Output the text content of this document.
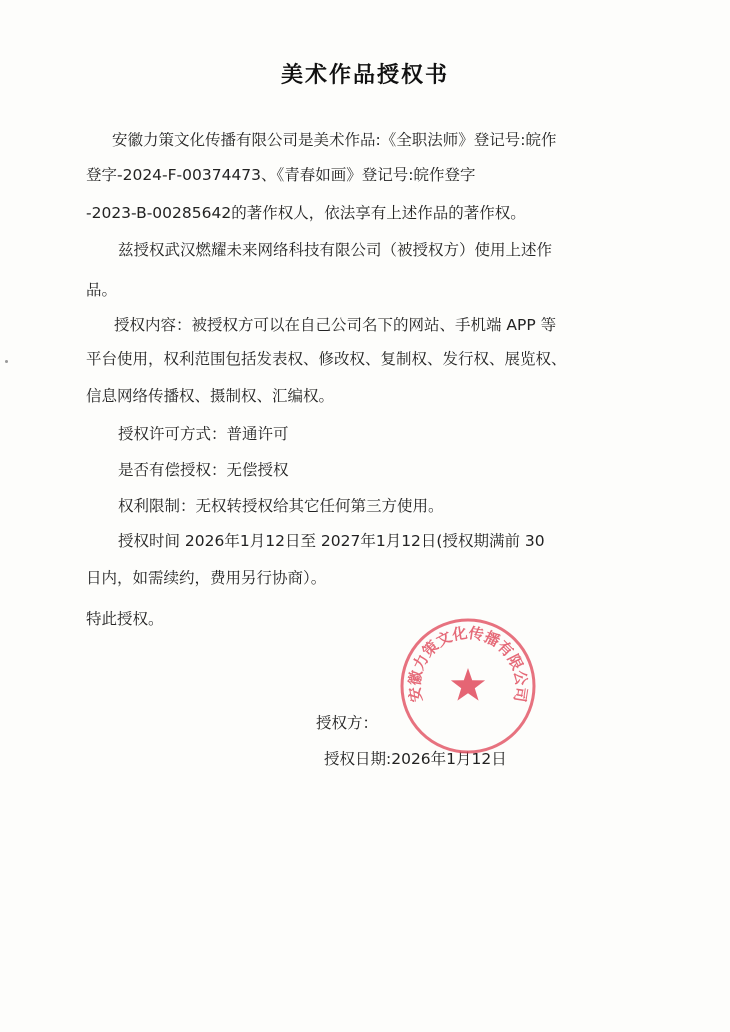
美术作品授权书
安徽力策文化传播有限公司是美术作品:《全职法师》登记号:皖作
登字-2024-F-00374473、《青春如画》登记号:皖作登字
-2023-B-00285642的著作权人，依法享有上述作品的著作权。
兹授权武汉燃耀未来网络科技有限公司（被授权方）使用上述作
品。
授权内容：被授权方可以在自己公司名下的网站、手机端 APP 等
平台使用，权利范围包括发表权、修改权、复制权、发行权、展览权、
信息网络传播权、摄制权、汇编权。
授权许可方式：普通许可
是否有偿授权：无偿授权
权利限制：无权转授权给其它任何第三方使用。
授权时间 2026年1月12日至 2027年1月12日(授权期满前 30
日内，如需续约，费用另行协商）。
特此授权。
授权方：
授权日期:2026年1月12日
安徽力策文化传播有限公司
